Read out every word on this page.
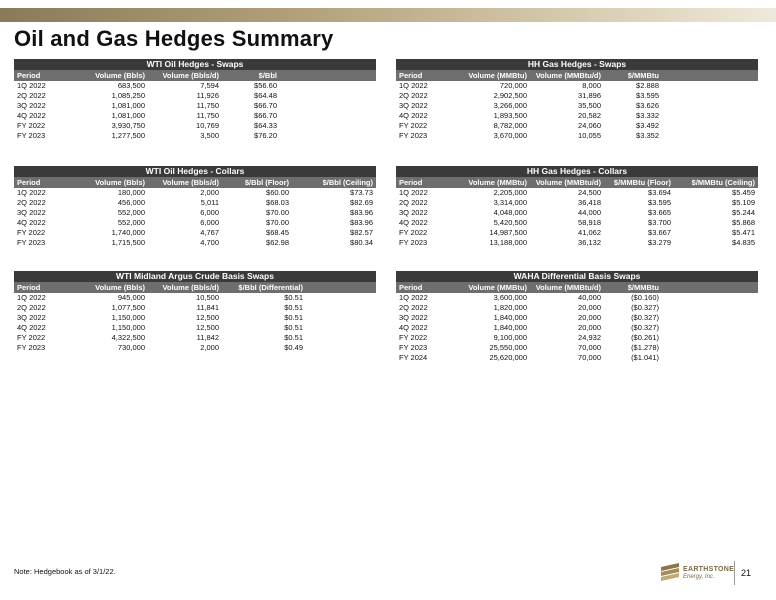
Oil and Gas Hedges Summary
WTI Oil Hedges - Swaps
Period	Volume (Bbls)	Volume (Bbls/d)	$/Bbl
1Q 2022	683,500	7,594	$56.60
2Q 2022	1,085,250	11,926	$64.48
3Q 2022	1,081,000	11,750	$66.70
4Q 2022	1,081,000	11,750	$66.70
FY 2022	3,930,750	10,769	$64.33
FY 2023	1,277,500	3,500	$76.20
HH Gas Hedges - Swaps
Period	Volume (MMBtu)	Volume (MMBtu/d)	$/MMBtu
1Q 2022	720,000	8,000	$2.888
2Q 2022	2,902,500	31,896	$3.595
3Q 2022	3,266,000	35,500	$3.626
4Q 2022	1,893,500	20,582	$3.332
FY 2022	8,782,000	24,060	$3.492
FY 2023	3,670,000	10,055	$3.352
WTI Oil Hedges - Collars
Period	Volume (Bbls)	Volume (Bbls/d)	$/Bbl (Floor)	$/Bbl (Ceiling)
1Q 2022	180,000	2,000	$60.00	$73.73
2Q 2022	456,000	5,011	$68.03	$82.69
3Q 2022	552,000	6,000	$70.00	$83.96
4Q 2022	552,000	6,000	$70.00	$83.96
FY 2022	1,740,000	4,767	$68.45	$82.57
FY 2023	1,715,500	4,700	$62.98	$80.34
HH Gas Hedges - Collars
Period	Volume (MMBtu)	Volume (MMBtu/d)	$/MMBtu (Floor)	$/MMBtu (Ceiling)
1Q 2022	2,205,000	24,500	$3.694	$5.459
2Q 2022	3,314,000	36,418	$3.595	$5.109
3Q 2022	4,048,000	44,000	$3.665	$5.244
4Q 2022	5,420,500	58,918	$3.700	$5.868
FY 2022	14,987,500	41,062	$3.667	$5.471
FY 2023	13,188,000	36,132	$3.279	$4.835
WTI Midland Argus Crude Basis Swaps
Period	Volume (Bbls)	Volume (Bbls/d)	$/Bbl (Differential)
1Q 2022	945,000	10,500	$0.51
2Q 2022	1,077,500	11,841	$0.51
3Q 2022	1,150,000	12,500	$0.51
4Q 2022	1,150,000	12,500	$0.51
FY 2022	4,322,500	11,842	$0.51
FY 2023	730,000	2,000	$0.49
WAHA Differential Basis Swaps
Period	Volume (MMBtu)	Volume (MMBtu/d)	$/MMBtu
1Q 2022	3,600,000	40,000	($0.160)
2Q 2022	1,820,000	20,000	($0.327)
3Q 2022	1,840,000	20,000	($0.327)
4Q 2022	1,840,000	20,000	($0.327)
FY 2022	9,100,000	24,932	($0.261)
FY 2023	25,550,000	70,000	($1.278)
FY 2024	25,620,000	70,000	($1.041)
Note: Hedgebook as of 3/1/22.	EARTHSTONE
Energy, Inc.	21
